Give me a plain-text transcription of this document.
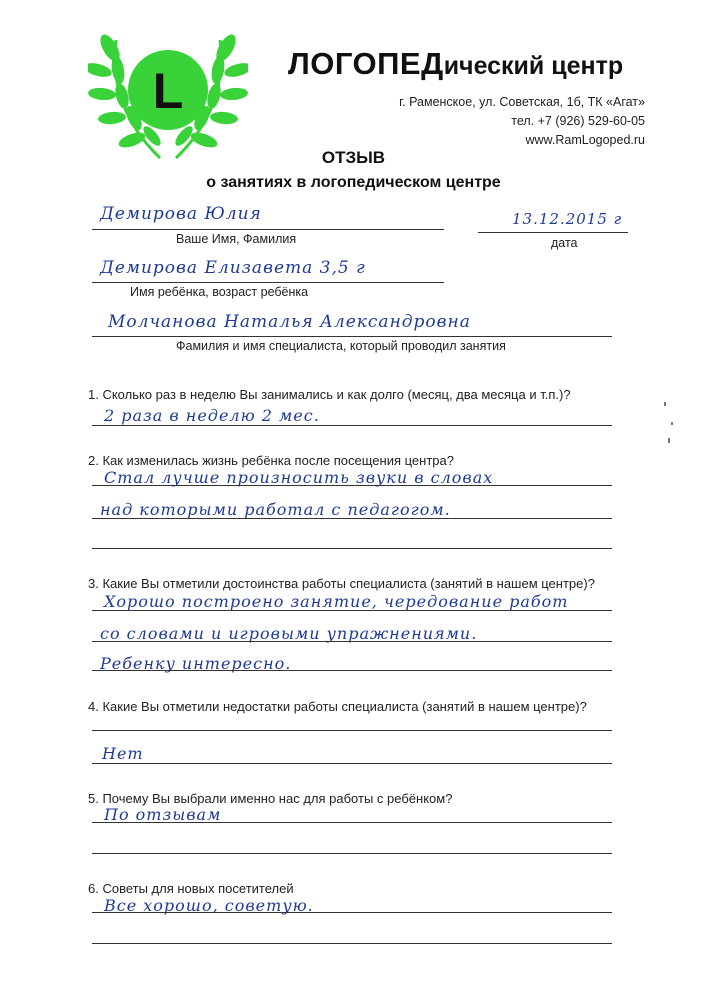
L	ЛОГОПЕДический центр
г. Раменское, ул. Советская, 1б, ТК «Агат»
тел. +7 (926) 529-60-05
www.RamLogoped.ru
ОТЗЫВ
о занятиях в логопедическом центре
Демирова Юлия
Ваше Имя, Фамилия
13.12.2015 г
дата
Демирова Елизавета 3,5 г
Имя ребёнка, возраст ребёнка
Молчанова Наталья Александровна
Фамилия и имя специалиста, который проводил занятия
1. Сколько раз в неделю Вы занимались и как долго (месяц, два месяца и т.п.)?
2 раза в неделю 2 мес.
2. Как изменилась жизнь ребёнка после посещения центра?
Стал лучше произносить звуки в словах
над которыми работал с педагогом.
3. Какие Вы отметили достоинства работы специалиста (занятий в нашем центре)?
Хорошо построено занятие, чередование работ
со словами и игровыми упражнениями.
Ребенку интересно.
4. Какие Вы отметили недостатки работы специалиста (занятий в нашем центре)?
Нет
5. Почему Вы выбрали именно нас для работы с ребёнком?
По отзывам
6. Советы для новых посетителей
Все хорошо, советую.
